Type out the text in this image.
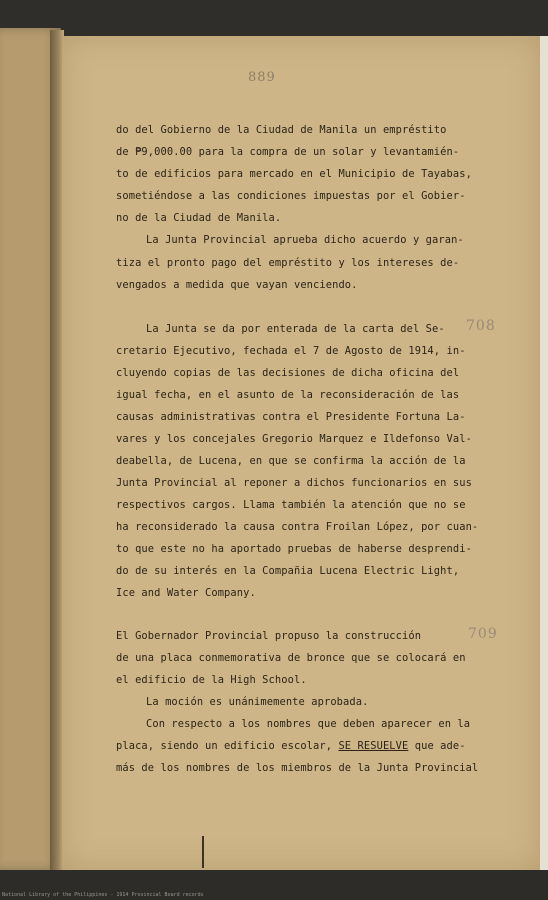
889
do del Gobierno de la Ciudad de Manila un empréstito
de ₱9,000.00 para la compra de un solar y levantamién-
to de edificios para mercado en el Municipio de Tayabas,
sometiéndose a las condiciones impuestas por el Gobier-
no de la Ciudad de Manila.
La Junta Provincial aprueba dicho acuerdo y garan-
tiza el pronto pago del empréstito y los intereses de-
vengados a medida que vayan venciendo.
708
La Junta se da por enterada de la carta del Se-
cretario Ejecutivo, fechada el 7 de Agosto de 1914, in-
cluyendo copias de las decisiones de dicha oficina del
igual fecha, en el asunto de la reconsideración de las
causas administrativas contra el Presidente Fortuna La-
vares y los concejales Gregorio Marquez e Ildefonso Val-
deabella, de Lucena, en que se confirma la acción de la
Junta Provincial al reponer a dichos funcionarios en sus
respectivos cargos. Llama también la atención que no se
ha reconsiderado la causa contra Froilan López, por cuan-
to que este no ha aportado pruebas de haberse desprendi-
do de su interés en la Compañia Lucena Electric Light,
Ice and Water Company.
709
El Gobernador Provincial propuso la construcción
de una placa conmemorativa de bronce que se colocará en
el edificio de la High School.
La moción es unánimemente aprobada.
Con respecto a los nombres que deben aparecer en la
placa, siendo un edificio escolar, SE RESUELVE que ade-
más de los nombres de los miembros de la Junta Provincial
National Library of the Philippines - 1914 Provincial Board records
